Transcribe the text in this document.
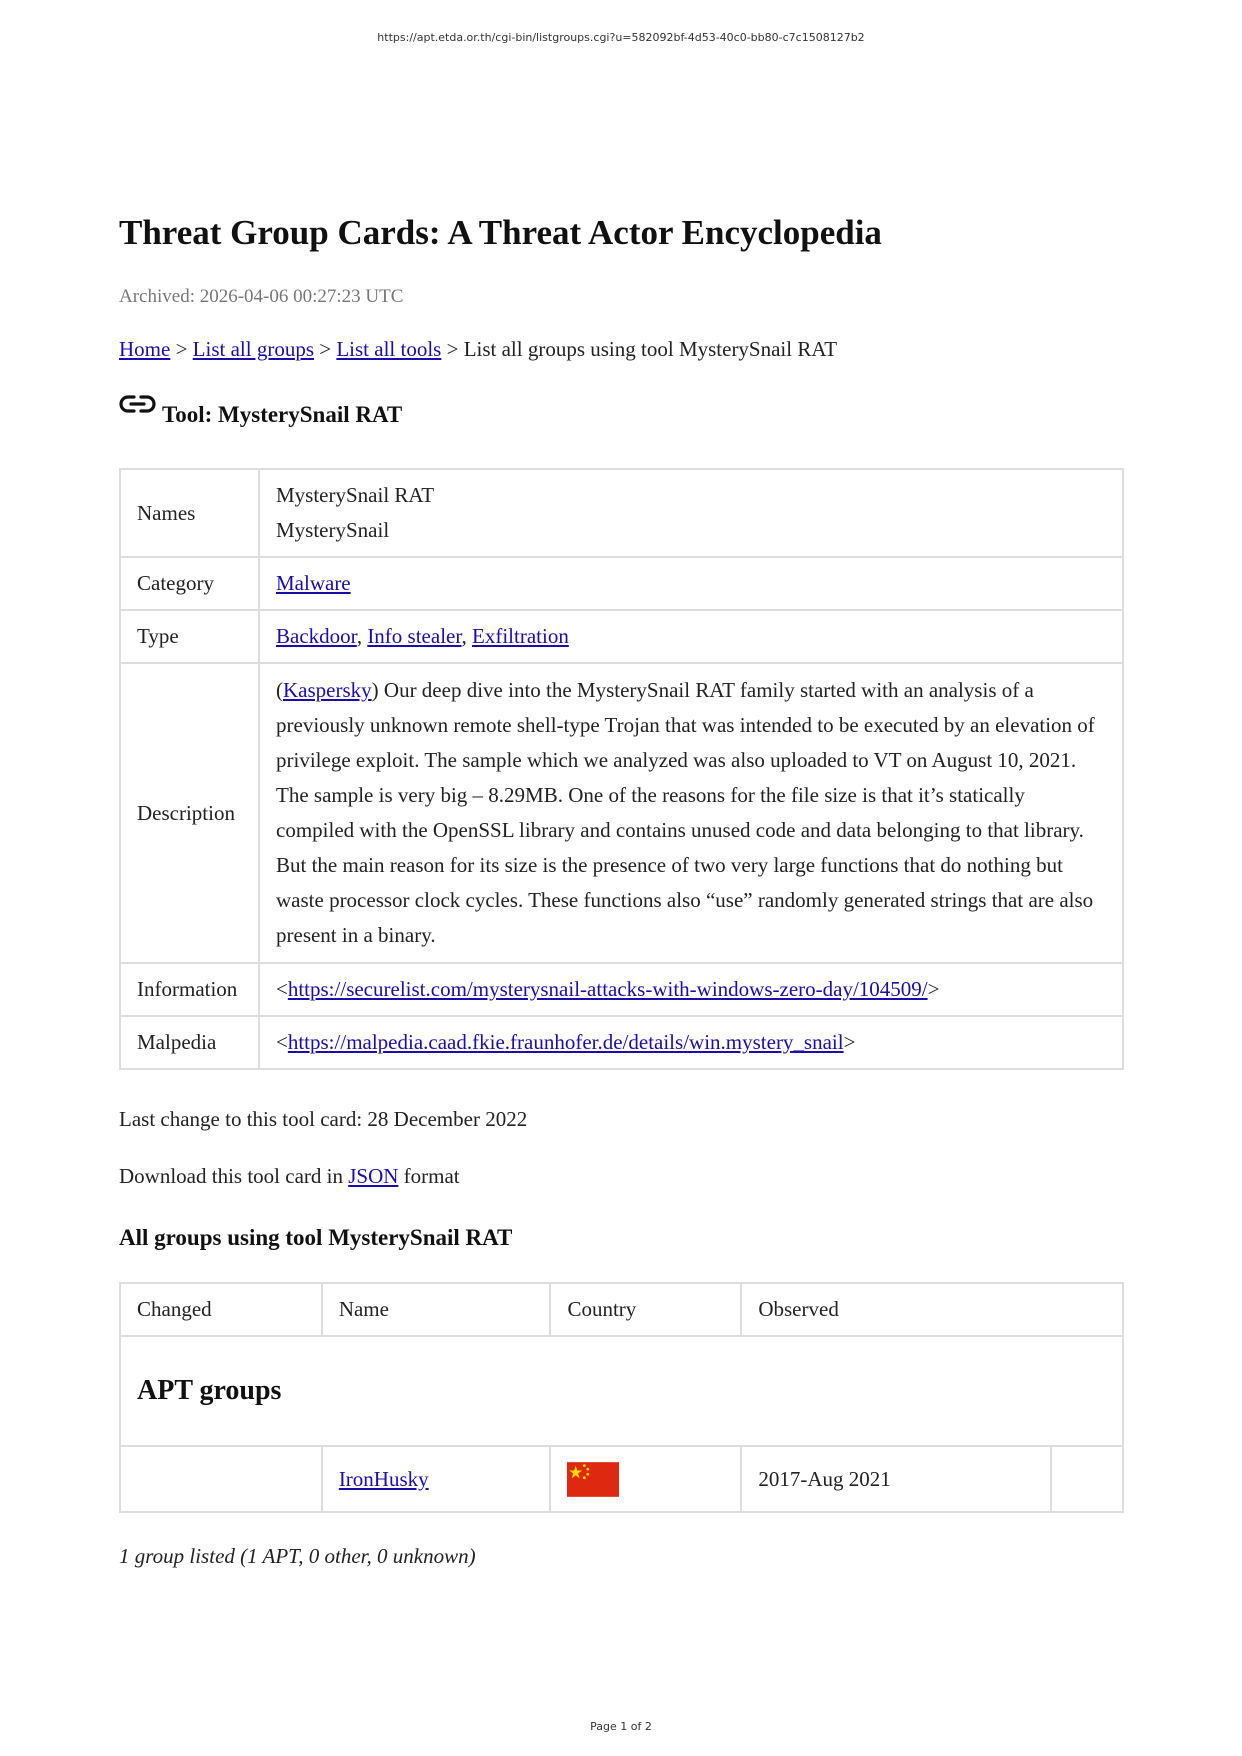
https://apt.etda.or.th/cgi-bin/listgroups.cgi?u=582092bf-4d53-40c0-bb80-c7c1508127b2
Threat Group Cards: A Threat Actor Encyclopedia
Archived: 2026-04-06 00:27:23 UTC
Home > List all groups > List all tools > List all groups using tool MysterySnail RAT
Tool: MysterySnail RAT
Names	MysterySnail RAT
MysterySnail

Category	Malware
Type	Backdoor, Info stealer, Exfiltration
Description	(Kaspersky) Our deep dive into the MysterySnail RAT family started with an analysis of a previously unknown remote shell-type Trojan that was intended to be executed by an elevation of privilege exploit. The sample which we analyzed was also uploaded to VT on August 10, 2021. The sample is very big – 8.29MB. One of the reasons for the file size is that it’s statically compiled with the OpenSSL library and contains unused code and data belonging to that library. But the main reason for its size is the presence of two very large functions that do nothing but waste processor clock cycles. These functions also “use” randomly generated strings that are also present in a binary.
Information	<https://securelist.com/mysterysnail-attacks-with-windows-zero-day/104509/>
Malpedia	<https://malpedia.caad.fkie.fraunhofer.de/details/win.mystery_snail>
Last change to this tool card: 28 December 2022
Download this tool card in JSON format
All groups using tool MysterySnail RAT
Changed	Name	Country	Observed	
APT groups				
	IronHusky		2017-Aug 2021	
1 group listed (1 APT, 0 other, 0 unknown)
Page 1 of 2
